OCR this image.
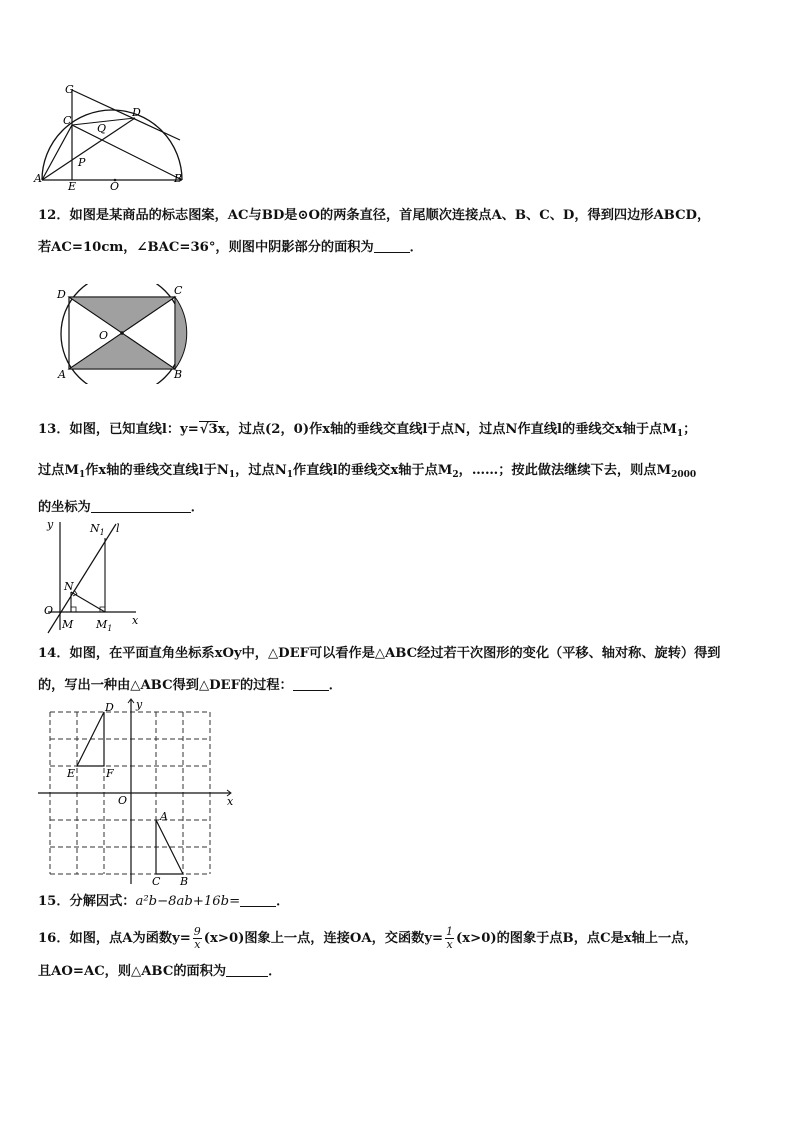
G
D
C
Q
P
A
E	O
B
12．如图是某商品的标志图案，AC与BD是⊙O的两条直径，首尾顺次连接点A、B、C、D，得到四边形ABCD，
若AC=10cm，∠BAC=36°，则图中阴影部分的面积为	．
D	C
O
A	B
13．如图，已知直线l：y=√3x，过点(2，0)作x轴的垂线交直线l于点N，过点N作直线l的垂线交x轴于点$M_1$；
过点$M_1$作x轴的垂线交直线l于$N_1$，过点$N_1$作直线l的垂线交x轴于点$M_2$，……；按此做法继续下去，则点$M_{2000}$
的坐标为	．
y	$N_1$ l
N
O
M $M_1$
x
14．如图，在平面直角坐标系xOy中，△DEF可以看作是△ABC经过若干次图形的变化（平移、轴对称、旋转）得到
的，写出一种由△ABC得到△DEF的过程：	．
y
D
E	F
O	x
A
C B
15．分解因式：a²b−8ab+16b=	．
16．如图，点A为函数$y= \frac{9}{x} (x>0)$图象上一点，连接OA，交函数$y= \frac{1}{x} (x>0)$的图象于点B，点C是x轴上一点，
且AO=AC，则△ABC的面积为	．
